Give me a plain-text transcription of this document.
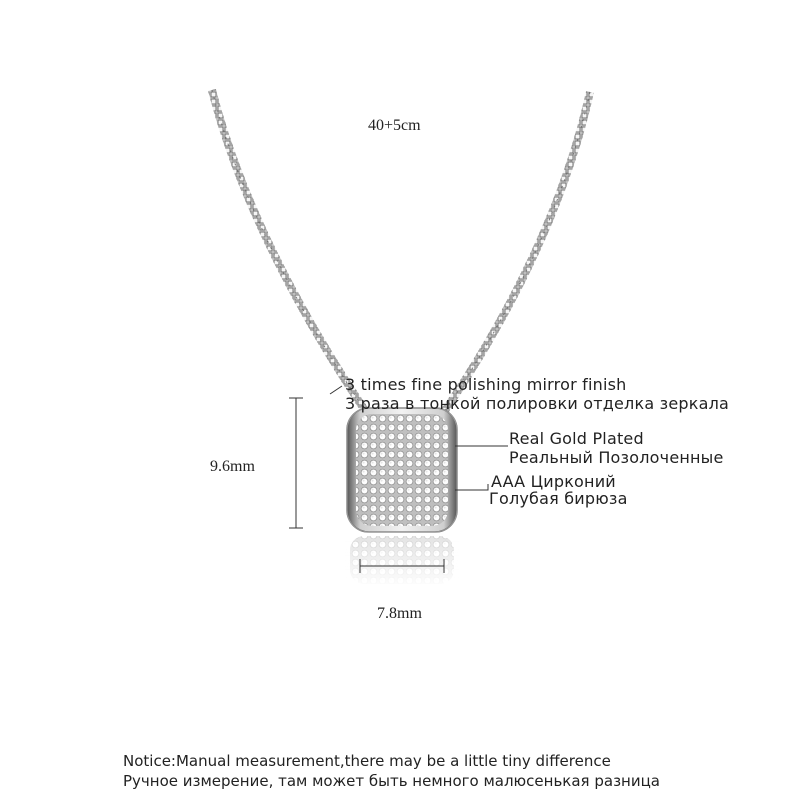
40+5cm
9.6mm
7.8mm
3 times fine polishing mirror finish
3 раза в тонкой полировки отделка зеркала
Real Gold Plated
Реальный Позолоченные
AAA Цирконий
Голубая бирюза
Notice:Manual measurement,there may be a little tiny difference
Ручное измерение, там может быть немного малюсенькая разница
